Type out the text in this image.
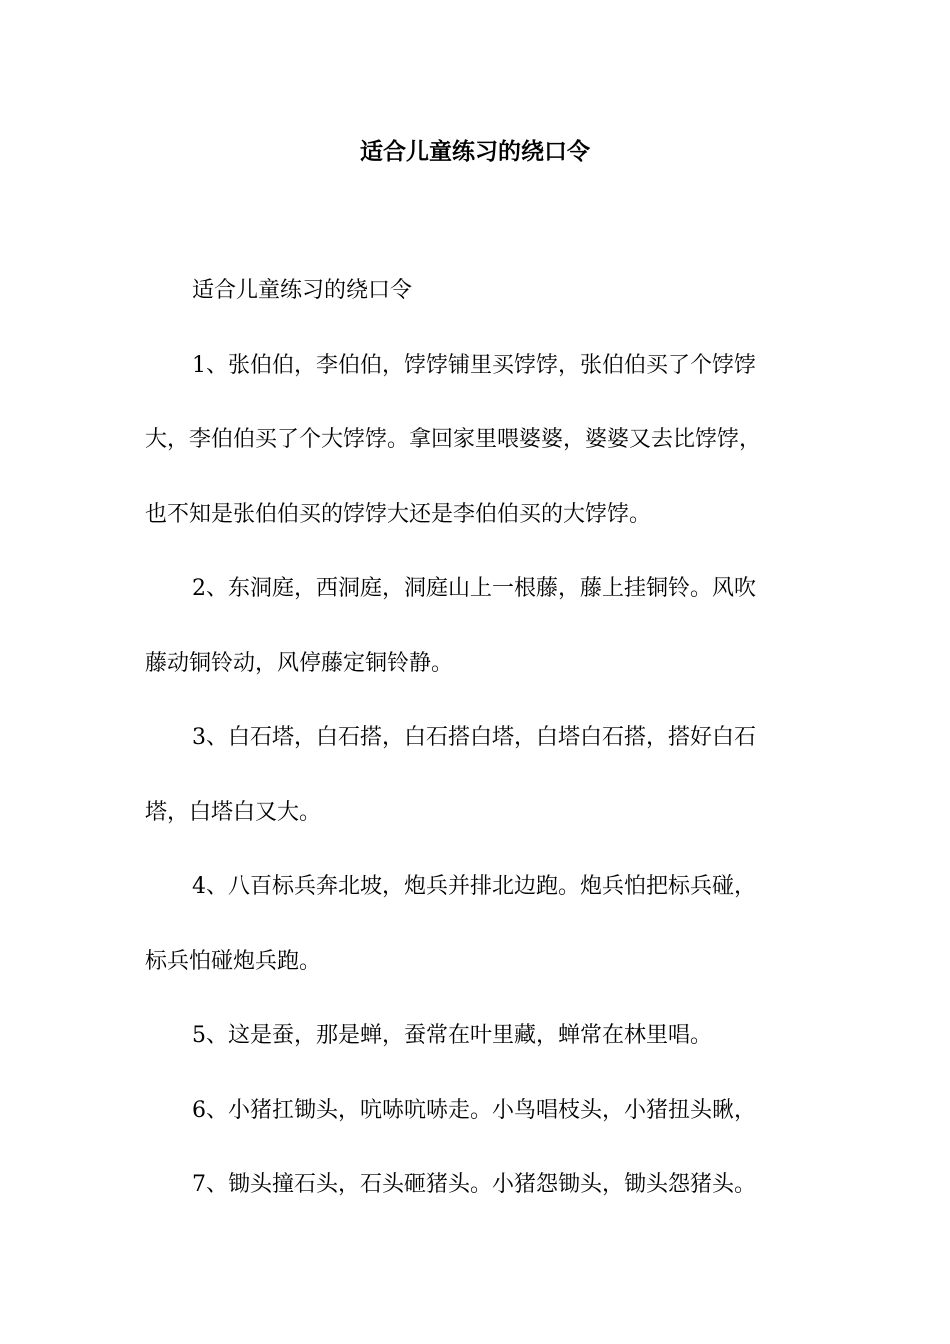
适合儿童练习的绕口令
适合儿童练习的绕口令
1、张伯伯，李伯伯，饽饽铺里买饽饽，张伯伯买了个饽饽
大，李伯伯买了个大饽饽。拿回家里喂婆婆，婆婆又去比饽饽，
也不知是张伯伯买的饽饽大还是李伯伯买的大饽饽。
2、东洞庭，西洞庭，洞庭山上一根藤，藤上挂铜铃。风吹
藤动铜铃动，风停藤定铜铃静。
3、白石塔，白石搭，白石搭白塔，白塔白石搭，搭好白石
塔，白塔白又大。
4、八百标兵奔北坡，炮兵并排北边跑。炮兵怕把标兵碰，
标兵怕碰炮兵跑。
5、这是蚕，那是蝉，蚕常在叶里藏，蝉常在林里唱。
6、小猪扛锄头，吭哧吭哧走。小鸟唱枝头，小猪扭头瞅，
7、锄头撞石头，石头砸猪头。小猪怨锄头，锄头怨猪头。
